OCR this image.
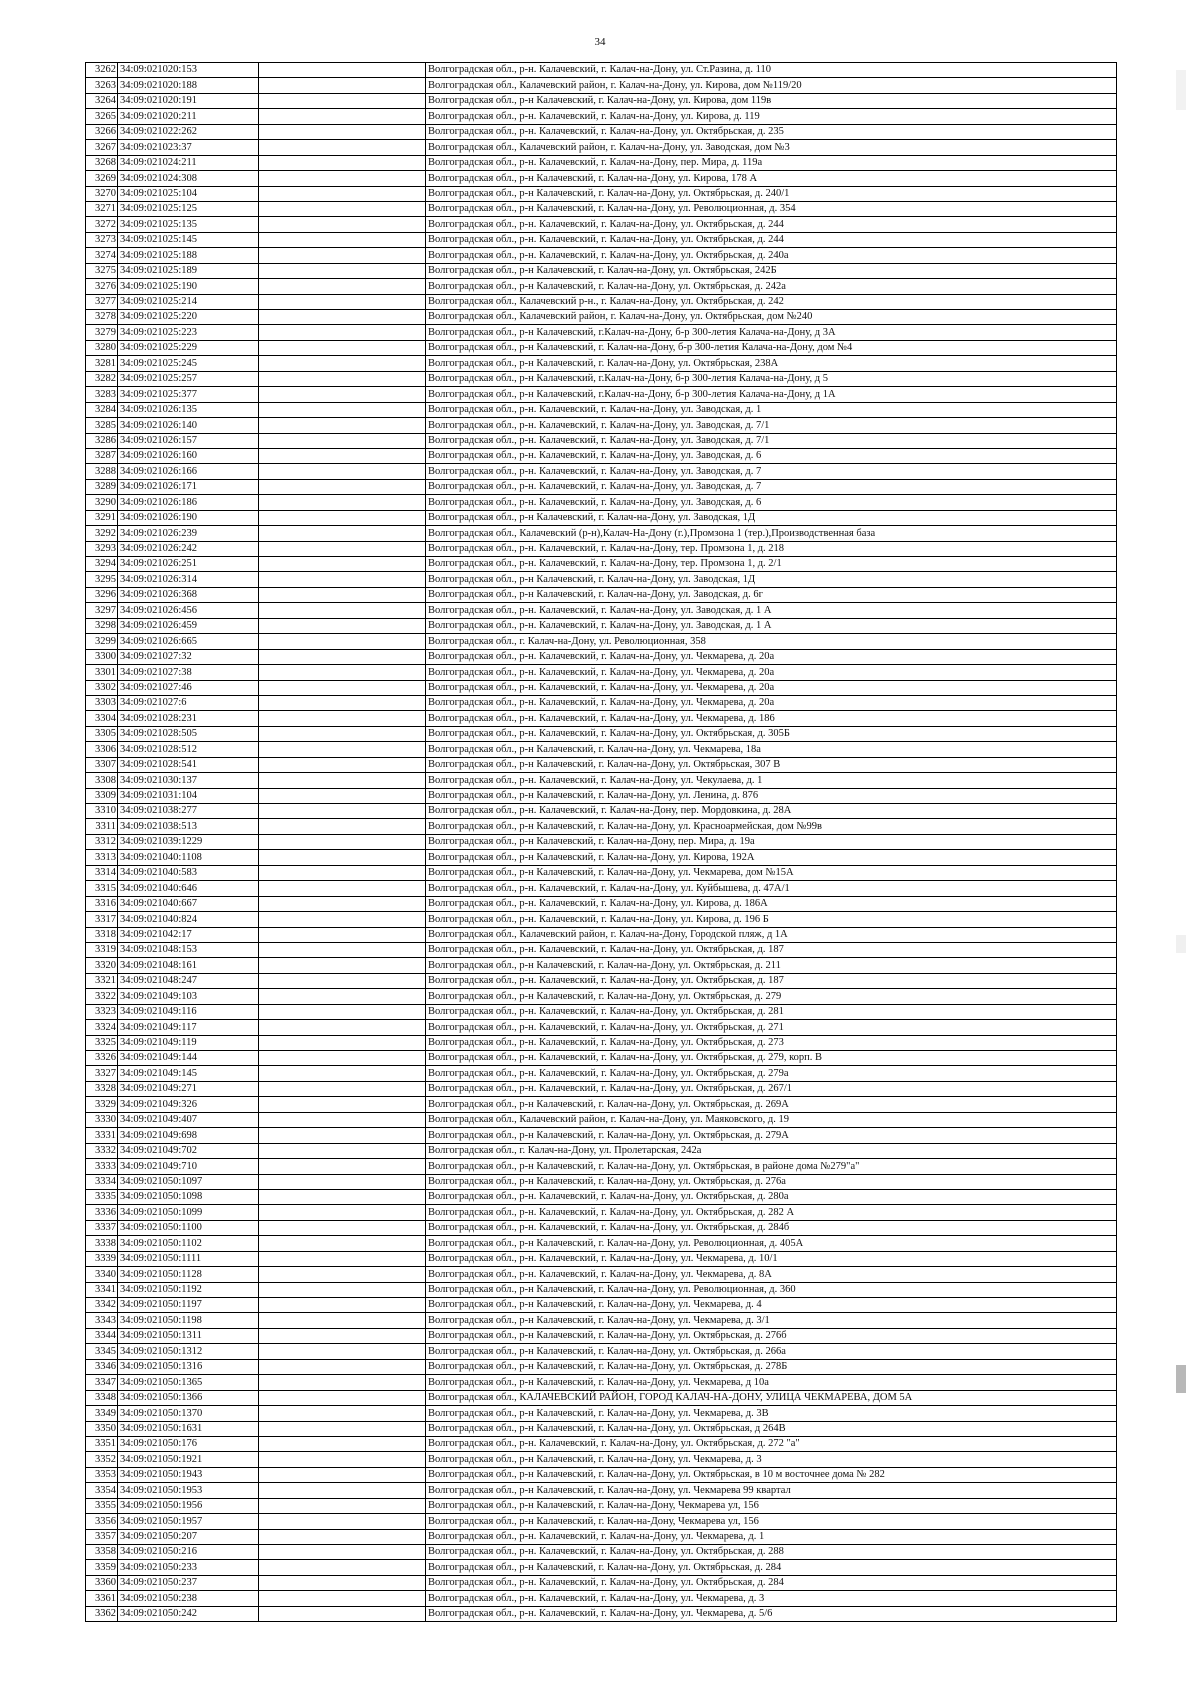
34
3262	34:09:021020:153		Волгоградская обл., р-н. Калачевский, г. Калач-на-Дону, ул. Ст.Разина, д. 110
3263	34:09:021020:188		Волгоградская обл., Калачевский район, г. Калач-на-Дону, ул. Кирова, дом №119/20
3264	34:09:021020:191		Волгоградская обл., р-н Калачевский, г. Калач-на-Дону, ул. Кирова, дом 119в
3265	34:09:021020:211		Волгоградская обл., р-н. Калачевский, г. Калач-на-Дону, ул. Кирова, д. 119
3266	34:09:021022:262		Волгоградская обл., р-н. Калачевский, г. Калач-на-Дону, ул. Октябрьская, д. 235
3267	34:09:021023:37		Волгоградская обл., Калачевский район, г. Калач-на-Дону, ул. Заводская, дом №3
3268	34:09:021024:211		Волгоградская обл., р-н. Калачевский, г. Калач-на-Дону, пер. Мира, д. 119а
3269	34:09:021024:308		Волгоградская обл., р-н Калачевский, г. Калач-на-Дону, ул. Кирова, 178 А
3270	34:09:021025:104		Волгоградская обл., р-н Калачевский, г. Калач-на-Дону, ул. Октябрьская, д. 240/1
3271	34:09:021025:125		Волгоградская обл., р-н Калачевский, г. Калач-на-Дону, ул. Революционная, д. 354
3272	34:09:021025:135		Волгоградская обл., р-н. Калачевский, г. Калач-на-Дону, ул. Октябрьская, д. 244
3273	34:09:021025:145		Волгоградская обл., р-н. Калачевский, г. Калач-на-Дону, ул. Октябрьская, д. 244
3274	34:09:021025:188		Волгоградская обл., р-н. Калачевский, г. Калач-на-Дону, ул. Октябрьская, д. 240а
3275	34:09:021025:189		Волгоградская обл., р-н Калачевский, г. Калач-на-Дону, ул. Октябрьская, 242Б
3276	34:09:021025:190		Волгоградская обл., р-н Калачевский, г. Калач-на-Дону, ул. Октябрьская, д. 242а
3277	34:09:021025:214		Волгоградская обл., Калачевский р-н., г. Калач-на-Дону, ул. Октябрьская, д. 242
3278	34:09:021025:220		Волгоградская обл., Калачевский район, г. Калач-на-Дону, ул. Октябрьская, дом №240
3279	34:09:021025:223		Волгоградская обл., р-н Калачевский, г.Калач-на-Дону, б-р 300-летия Калача-на-Дону, д 3А
3280	34:09:021025:229		Волгоградская обл., р-н Калачевский, г. Калач-на-Дону, б-р 300-летия Калача-на-Дону, дом №4
3281	34:09:021025:245		Волгоградская обл., р-н Калачевский, г. Калач-на-Дону, ул. Октябрьская, 238А
3282	34:09:021025:257		Волгоградская обл., р-н Калачевский, г.Калач-на-Дону, б-р 300-летия Калача-на-Дону, д 5
3283	34:09:021025:377		Волгоградская обл., р-н Калачевский, г.Калач-на-Дону, б-р 300-летия Калача-на-Дону, д 1А
3284	34:09:021026:135		Волгоградская обл., р-н. Калачевский, г. Калач-на-Дону, ул. Заводская, д. 1
3285	34:09:021026:140		Волгоградская обл., р-н. Калачевский, г. Калач-на-Дону, ул. Заводская, д. 7/1
3286	34:09:021026:157		Волгоградская обл., р-н. Калачевский, г. Калач-на-Дону, ул. Заводская, д. 7/1
3287	34:09:021026:160		Волгоградская обл., р-н. Калачевский, г. Калач-на-Дону, ул. Заводская, д. 6
3288	34:09:021026:166		Волгоградская обл., р-н. Калачевский, г. Калач-на-Дону, ул. Заводская, д. 7
3289	34:09:021026:171		Волгоградская обл., р-н. Калачевский, г. Калач-на-Дону, ул. Заводская, д. 7
3290	34:09:021026:186		Волгоградская обл., р-н. Калачевский, г. Калач-на-Дону, ул. Заводская, д. 6
3291	34:09:021026:190		Волгоградская обл., р-н Калачевский, г. Калач-на-Дону, ул. Заводская, 1Д
3292	34:09:021026:239		Волгоградская обл., Калачевский (р-н),Калач-На-Дону (г.),Промзона 1 (тер.),Производственная база
3293	34:09:021026:242		Волгоградская обл., р-н. Калачевский, г. Калач-на-Дону, тер. Промзона 1, д. 218
3294	34:09:021026:251		Волгоградская обл., р-н. Калачевский, г. Калач-на-Дону, тер. Промзона 1, д. 2/1
3295	34:09:021026:314		Волгоградская обл., р-н Калачевский, г. Калач-на-Дону, ул. Заводская, 1Д
3296	34:09:021026:368		Волгоградская обл., р-н Калачевский, г. Калач-на-Дону, ул. Заводская, д. 6г
3297	34:09:021026:456		Волгоградская обл., р-н. Калачевский, г. Калач-на-Дону, ул. Заводская, д. 1 А
3298	34:09:021026:459		Волгоградская обл., р-н. Калачевский, г. Калач-на-Дону, ул. Заводская, д. 1 А
3299	34:09:021026:665		Волгоградская обл., г. Калач-на-Дону, ул. Революционная, 358
3300	34:09:021027:32		Волгоградская обл., р-н. Калачевский, г. Калач-на-Дону, ул. Чекмарева, д. 20а
3301	34:09:021027:38		Волгоградская обл., р-н. Калачевский, г. Калач-на-Дону, ул. Чекмарева, д. 20а
3302	34:09:021027:46		Волгоградская обл., р-н. Калачевский, г. Калач-на-Дону, ул. Чекмарева, д. 20а
3303	34:09:021027:6		Волгоградская обл., р-н. Калачевский, г. Калач-на-Дону, ул. Чекмарева, д. 20а
3304	34:09:021028:231		Волгоградская обл., р-н. Калачевский, г. Калач-на-Дону, ул. Чекмарева, д. 186
3305	34:09:021028:505		Волгоградская обл., р-н. Калачевский, г. Калач-на-Дону, ул. Октябрьская, д. 305Б
3306	34:09:021028:512		Волгоградская обл., р-н Калачевский, г. Калач-на-Дону, ул. Чекмарева, 18а
3307	34:09:021028:541		Волгоградская обл., р-н Калачевский, г. Калач-на-Дону, ул. Октябрьская, 307 В
3308	34:09:021030:137		Волгоградская обл., р-н. Калачевский, г. Калач-на-Дону, ул. Чекулаева, д. 1
3309	34:09:021031:104		Волгоградская обл., р-н Калачевский, г. Калач-на-Дону, ул. Ленина, д. 876
3310	34:09:021038:277		Волгоградская обл., р-н. Калачевский, г. Калач-на-Дону, пер. Мордовкина, д. 28А
3311	34:09:021038:513		Волгоградская обл., р-н Калачевский, г. Калач-на-Дону, ул. Красноармейская, дом №99в
3312	34:09:021039:1229		Волгоградская обл., р-н Калачевский, г. Калач-на-Дону, пер. Мира, д. 19а
3313	34:09:021040:1108		Волгоградская обл., р-н Калачевский, г. Калач-на-Дону, ул. Кирова, 192А
3314	34:09:021040:583		Волгоградская обл., р-н Калачевский, г. Калач-на-Дону, ул. Чекмарева, дом №15А
3315	34:09:021040:646		Волгоградская обл., р-н. Калачевский, г. Калач-на-Дону, ул. Куйбышева, д. 47А/1
3316	34:09:021040:667		Волгоградская обл., р-н. Калачевский, г. Калач-на-Дону, ул. Кирова, д. 186А
3317	34:09:021040:824		Волгоградская обл., р-н. Калачевский, г. Калач-на-Дону, ул. Кирова, д. 196 Б
3318	34:09:021042:17		Волгоградская обл., Калачевский район, г. Калач-на-Дону, Городской пляж, д 1А
3319	34:09:021048:153		Волгоградская обл., р-н. Калачевский, г. Калач-на-Дону, ул. Октябрьская, д. 187
3320	34:09:021048:161		Волгоградская обл., р-н Калачевский, г. Калач-на-Дону, ул. Октябрьская, д. 211
3321	34:09:021048:247		Волгоградская обл., р-н. Калачевский, г. Калач-на-Дону, ул. Октябрьская, д. 187
3322	34:09:021049:103		Волгоградская обл., р-н Калачевский, г. Калач-на-Дону, ул. Октябрьская, д. 279
3323	34:09:021049:116		Волгоградская обл., р-н. Калачевский, г. Калач-на-Дону, ул. Октябрьская, д. 281
3324	34:09:021049:117		Волгоградская обл., р-н. Калачевский, г. Калач-на-Дону, ул. Октябрьская, д. 271
3325	34:09:021049:119		Волгоградская обл., р-н. Калачевский, г. Калач-на-Дону, ул. Октябрьская, д. 273
3326	34:09:021049:144		Волгоградская обл., р-н. Калачевский, г. Калач-на-Дону, ул. Октябрьская, д. 279, корп. В
3327	34:09:021049:145		Волгоградская обл., р-н. Калачевский, г. Калач-на-Дону, ул. Октябрьская, д. 279а
3328	34:09:021049:271		Волгоградская обл., р-н. Калачевский, г. Калач-на-Дону, ул. Октябрьская, д. 267/1
3329	34:09:021049:326		Волгоградская обл., р-н Калачевский, г. Калач-на-Дону, ул. Октябрьская, д. 269А
3330	34:09:021049:407		Волгоградская обл., Калачевский район, г. Калач-на-Дону, ул. Маяковского, д. 19
3331	34:09:021049:698		Волгоградская обл., р-н Калачевский, г. Калач-на-Дону, ул. Октябрьская, д. 279А
3332	34:09:021049:702		Волгоградская обл., г. Калач-на-Дону, ул. Пролетарская, 242а
3333	34:09:021049:710		Волгоградская обл., р-н Калачевский, г. Калач-на-Дону, ул. Октябрьская, в районе дома №279"а"
3334	34:09:021050:1097		Волгоградская обл., р-н Калачевский, г. Калач-на-Дону, ул. Октябрьская, д. 276а
3335	34:09:021050:1098		Волгоградская обл., р-н. Калачевский, г. Калач-на-Дону, ул. Октябрьская, д. 280а
3336	34:09:021050:1099		Волгоградская обл., р-н. Калачевский, г. Калач-на-Дону, ул. Октябрьская, д. 282 А
3337	34:09:021050:1100		Волгоградская обл., р-н. Калачевский, г. Калач-на-Дону, ул. Октябрьская, д. 284б
3338	34:09:021050:1102		Волгоградская обл., р-н Калачевский, г. Калач-на-Дону, ул. Революционная, д. 405А
3339	34:09:021050:1111		Волгоградская обл., р-н. Калачевский, г. Калач-на-Дону, ул. Чекмарева, д. 10/1
3340	34:09:021050:1128		Волгоградская обл., р-н. Калачевский, г. Калач-на-Дону, ул. Чекмарева, д. 8А
3341	34:09:021050:1192		Волгоградская обл., р-н Калачевский, г. Калач-на-Дону, ул. Революционная, д. 360
3342	34:09:021050:1197		Волгоградская обл., р-н Калачевский, г. Калач-на-Дону, ул. Чекмарева, д. 4
3343	34:09:021050:1198		Волгоградская обл., р-н Калачевский, г. Калач-на-Дону, ул. Чекмарева, д. 3/1
3344	34:09:021050:1311		Волгоградская обл., р-н Калачевский, г. Калач-на-Дону, ул. Октябрьская, д. 276б
3345	34:09:021050:1312		Волгоградская обл., р-н Калачевский, г. Калач-на-Дону, ул. Октябрьская, д. 266а
3346	34:09:021050:1316		Волгоградская обл., р-н Калачевский, г. Калач-на-Дону, ул. Октябрьская, д. 278Б
3347	34:09:021050:1365		Волгоградская обл., р-н Калачевский, г. Калач-на-Дону, ул. Чекмарева, д 10а
3348	34:09:021050:1366		Волгоградская обл., КАЛАЧЕВСКИЙ РАЙОН, ГОРОД КАЛАЧ-НА-ДОНУ, УЛИЦА ЧЕКМАРЕВА, ДОМ 5А
3349	34:09:021050:1370		Волгоградская обл., р-н Калачевский, г. Калач-на-Дону, ул. Чекмарева, д. 3В
3350	34:09:021050:1631		Волгоградская обл., р-н Калачевский, г. Калач-на-Дону, ул. Октябрьская, д 264В
3351	34:09:021050:176		Волгоградская обл., р-н. Калачевский, г. Калач-на-Дону, ул. Октябрьская, д. 272 "а"
3352	34:09:021050:1921		Волгоградская обл., р-н Калачевский, г. Калач-на-Дону, ул. Чекмарева, д. 3
3353	34:09:021050:1943		Волгоградская обл., р-н Калачевский, г. Калач-на-Дону, ул. Октябрьская, в 10 м восточнее дома № 282
3354	34:09:021050:1953		Волгоградская обл., р-н Калачевский, г. Калач-на-Дону, ул. Чекмарева 99 квартал
3355	34:09:021050:1956		Волгоградская обл., р-н Калачевский, г. Калач-на-Дону, Чекмарева ул, 156
3356	34:09:021050:1957		Волгоградская обл., р-н Калачевский, г. Калач-на-Дону, Чекмарева ул, 156
3357	34:09:021050:207		Волгоградская обл., р-н. Калачевский, г. Калач-на-Дону, ул. Чекмарева, д. 1
3358	34:09:021050:216		Волгоградская обл., р-н. Калачевский, г. Калач-на-Дону, ул. Октябрьская, д. 288
3359	34:09:021050:233		Волгоградская обл., р-н Калачевский, г. Калач-на-Дону, ул. Октябрьская, д. 284
3360	34:09:021050:237		Волгоградская обл., р-н. Калачевский, г. Калач-на-Дону, ул. Октябрьская, д. 284
3361	34:09:021050:238		Волгоградская обл., р-н. Калачевский, г. Калач-на-Дону, ул. Чекмарева, д. 3
3362	34:09:021050:242		Волгоградская обл., р-н. Калачевский, г. Калач-на-Дону, ул. Чекмарева, д. 5/6
